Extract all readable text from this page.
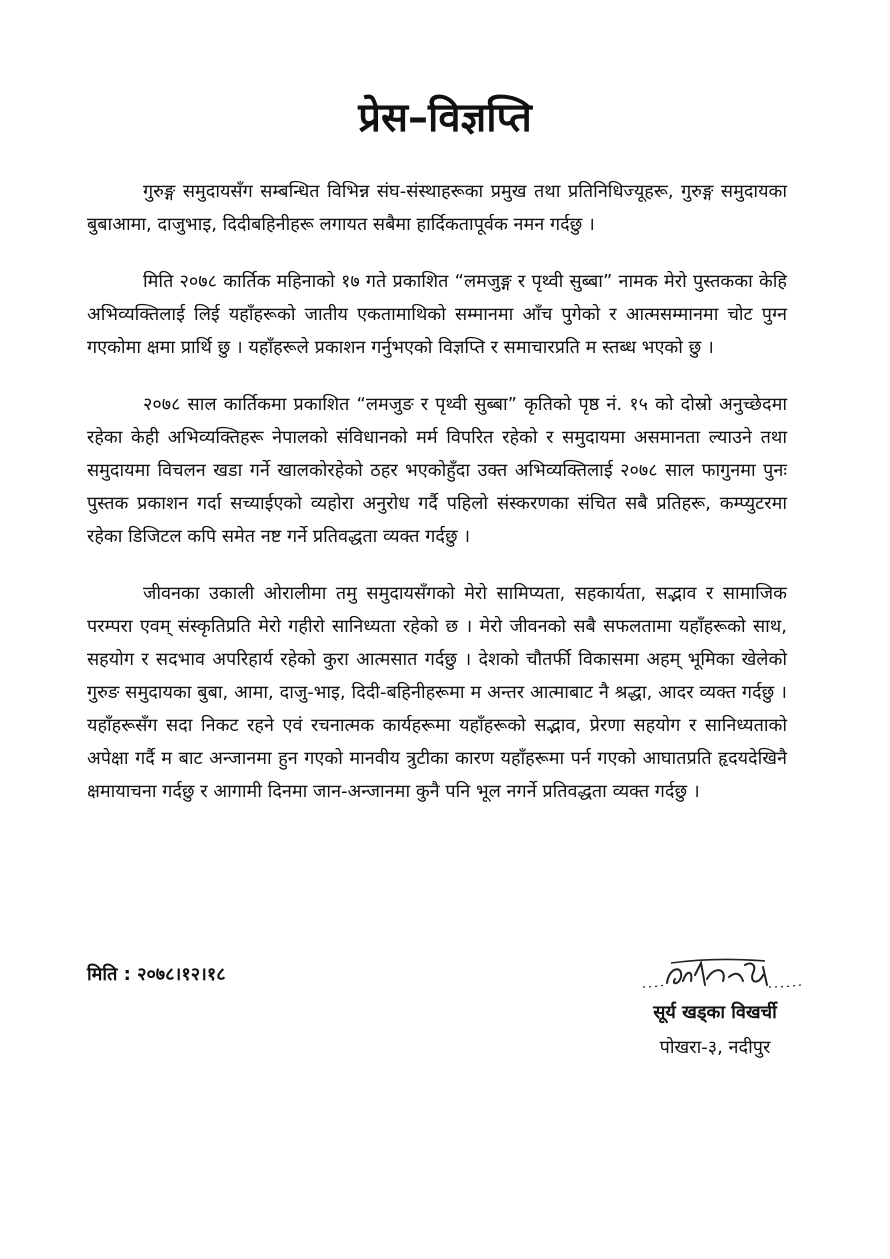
प्रेस–विज्ञप्ति

गुरुङ्ग समुदायसँग सम्बन्धित विभिन्न संघ-संस्थाहरूका प्रमुख तथा प्रतिनिधिज्यूहरू, गुरुङ्ग समुदायका बुबाआमा, दाजुभाइ, दिदीबहिनीहरू लगायत सबैमा हार्दिकतापूर्वक नमन गर्दछु ।

मिति २०७८ कार्तिक महिनाको १७ गते प्रकाशित “लमजुङ्ग र पृथ्वी सुब्बा” नामक मेरो पुस्तकका केहि अभिव्यक्तिलाई लिई यहाँहरूको जातीय एकतामाथिको सम्मानमा आँच पुगेको र आत्मसम्मानमा चोट पुग्न गएकोमा क्षमा प्रार्थि छु । यहाँहरूले प्रकाशन गर्नुभएको विज्ञप्ति र समाचारप्रति म स्तब्ध भएको छु ।

२०७८ साल कार्तिकमा प्रकाशित “लमजुङ र पृथ्वी सुब्बा” कृतिको पृष्ठ नं. १५ को दोस्रो अनुच्छेदमा रहेका केही अभिव्यक्तिहरू नेपालको संविधानको मर्म विपरित रहेको र समुदायमा असमानता ल्याउने तथा समुदायमा विचलन खडा गर्ने खालकोरहेको ठहर भएकोहुँदा उक्त अभिव्यक्तिलाई २०७८ साल फागुनमा पुनः पुस्तक प्रकाशन गर्दा सच्याईएको व्यहोरा अनुरोध गर्दै पहिलो संस्करणका संचित सबै प्रतिहरू, कम्प्युटरमा रहेका डिजिटल कपि समेत नष्ट गर्ने प्रतिवद्धता व्यक्त गर्दछु ।

जीवनका उकाली ओरालीमा तमु समुदायसँगको मेरो सामिप्यता, सहकार्यता, सद्भाव र सामाजिक परम्परा एवम् संस्कृतिप्रति मेरो गहीरो सानिध्यता रहेको छ । मेरो जीवनको सबै सफलतामा यहाँहरूको साथ, सहयोग र सदभाव अपरिहार्य रहेको कुरा आत्मसात गर्दछु । देशको चौतर्फी विकासमा अहम् भूमिका खेलेको गुरुङ समुदायका बुबा, आमा, दाजु-भाइ, दिदी-बहिनीहरूमा म अन्तर आत्माबाट नै श्रद्धा, आदर व्यक्त गर्दछु । यहाँहरूसँग सदा निकट रहने एवं रचनात्मक कार्यहरूमा यहाँहरूको सद्भाव, प्रेरणा सहयोग र सानिध्यताको अपेक्षा गर्दै म बाट अन्जानमा हुन गएको मानवीय त्रुटीका कारण यहाँहरूमा पर्न गएको आघातप्रति हृदयदेखिनै क्षमायाचना गर्दछु र आगामी दिनमा जान-अन्जानमा कुनै पनि भूल नगर्ने प्रतिवद्धता व्यक्त गर्दछु ।

मिति : २०७८।१२।१८
सूर्य खड्का विखर्ची
पोखरा-३, नदीपुर
